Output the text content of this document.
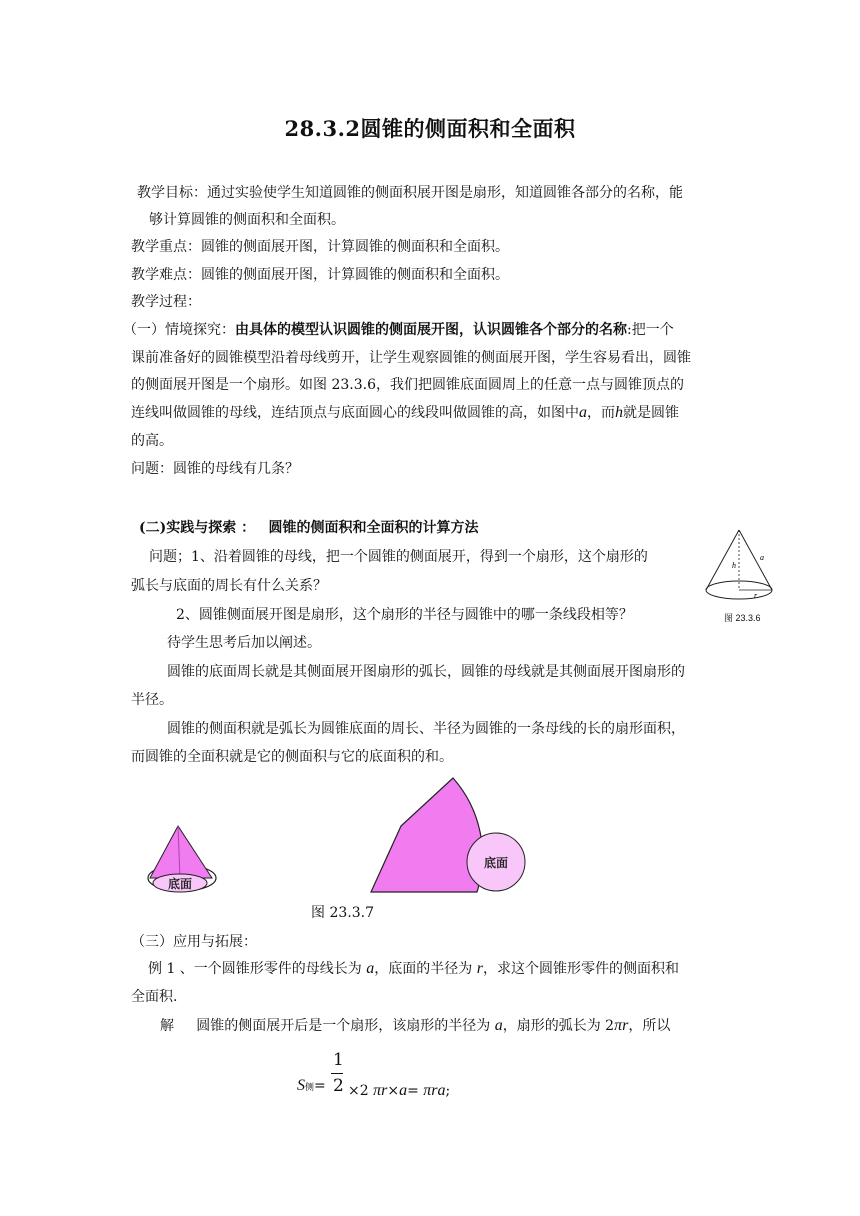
28.3.2圆锥的侧面积和全面积
教学目标：通过实验使学生知道圆锥的侧面积展开图是扇形，知道圆锥各部分的名称，能
够计算圆锥的侧面积和全面积。
教学重点：圆锥的侧面展开图，计算圆锥的侧面积和全面积。
教学难点：圆锥的侧面展开图，计算圆锥的侧面积和全面积。
教学过程：
（一）情境探究：由具体的模型认识圆锥的侧面展开图，认识圆锥各个部分的名称:把一个
课前准备好的圆锥模型沿着母线剪开，让学生观察圆锥的侧面展开图，学生容易看出，圆锥
的侧面展开图是一个扇形。如图 23.3.6，我们把圆锥底面圆周上的任意一点与圆锥顶点的
连线叫做圆锥的母线，连结顶点与底面圆心的线段叫做圆锥的高，如图中a，而h就是圆锥
的高。
问题：圆锥的母线有几条？
(二)实践与探索 ： 圆锥的侧面积和全面积的计算方法
问题；1、沿着圆锥的母线，把一个圆锥的侧面展开，得到一个扇形，这个扇形的
弧长与底面的周长有什么关系？
2、圆锥侧面展开图是扇形，这个扇形的半径与圆锥中的哪一条线段相等？
待学生思考后加以阐述。
圆锥的底面周长就是其侧面展开图扇形的弧长，圆锥的母线就是其侧面展开图扇形的
半径。
圆锥的侧面积就是弧长为圆锥底面的周长、半径为圆锥的一条母线的长的扇形面积，
而圆锥的全面积就是它的侧面积与它的底面积的和。
a
h
r
图 23.3.6
底面
底面
图 23.3.7
（三）应用与拓展：
例 1 、一个圆锥形零件的母线长为 a，底面的半径为 r，求这个圆锥形零件的侧面积和
全面积.
解 圆锥的侧面展开后是一个扇形，该扇形的半径为 a，扇形的弧长为 2πr，所以
S侧=
1
2 ×2 πr×a= πra;
